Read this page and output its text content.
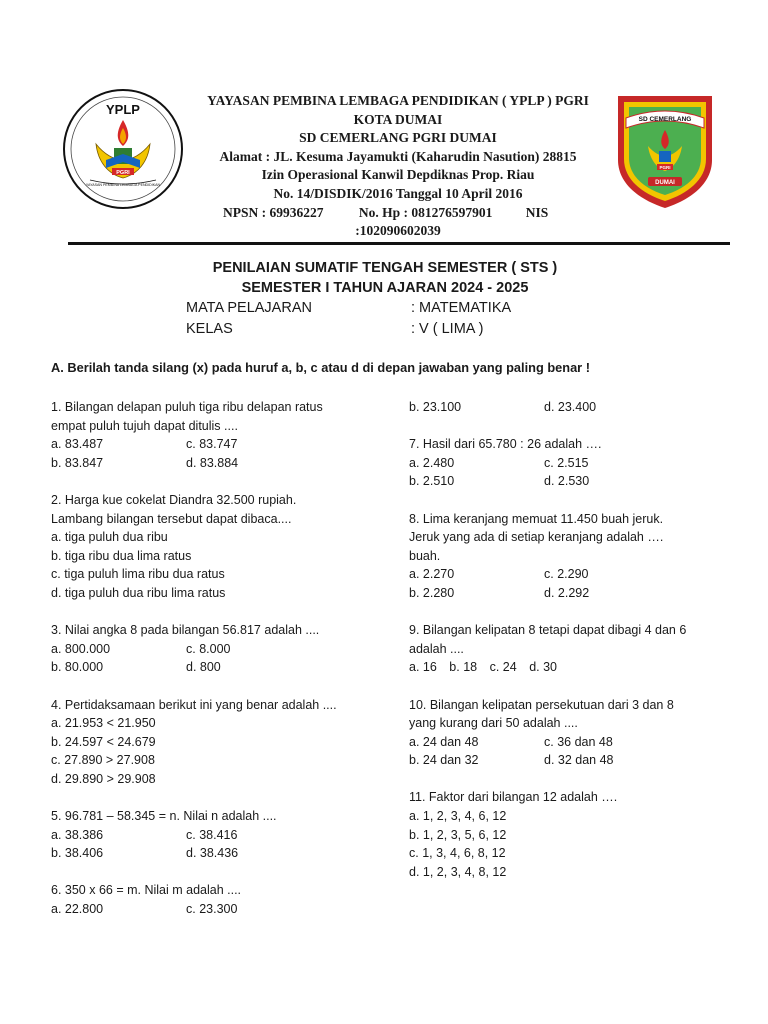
YPLP
PGRI
YAYASAN PEMBINA LEMBAGA PENDIDIKAN
SD CEMERLANG
PGRI
DUMAI
YAYASAN PEMBINA LEMBAGA PENDIDIKAN ( YPLP ) PGRI
KOTA DUMAI
SD CEMERLANG PGRI DUMAI
Alamat : JL. Kesuma Jayamukti (Kaharudin Nasution) 28815
Izin Operasional Kanwil Depdiknas Prop. Riau
No. 14/DISDIK/2016 Tanggal 10 April 2016
NPSN : 69936227	No. Hp : 081276597901 NIS
:102090602039
PENILAIAN SUMATIF TENGAH SEMESTER ( STS )
SEMESTER I TAHUN AJARAN 2024 - 2025
MATA PELAJARAN	: MATEMATIKA
KELAS	: V ( LIMA )
A. Berilah tanda silang (x) pada huruf a, b, c atau d di depan jawaban yang paling benar !

1. Bilangan delapan puluh tiga ribu delapan ratus

empat puluh tujuh dapat ditulis ....

a. 83.487	c. 83.747
b. 83.847	d. 83.884

2. Harga kue cokelat Diandra 32.500 rupiah.

Lambang bilangan tersebut dapat dibaca....

a. tiga puluh dua ribu

b. tiga ribu dua lima ratus

c. tiga puluh lima ribu dua ratus

d. tiga puluh dua ribu lima ratus

3. Nilai angka 8 pada bilangan 56.817 adalah ....

a. 800.000	c. 8.000
b. 80.000	d. 800

4. Pertidaksamaan berikut ini yang benar adalah ....

a. 21.953 < 21.950

b. 24.597 < 24.679

c. 27.890 > 27.908

d. 29.890 > 29.908

5. 96.781 – 58.345 = n. Nilai n adalah ....

a. 38.386	c. 38.416
b. 38.406	d. 38.436

6. 350 x 66 = m. Nilai m adalah ....

a. 22.800	c. 23.300
b. 23.100	d. 23.400

7. Hasil dari 65.780 : 26 adalah ….

a. 2.480	c. 2.515
b. 2.510	d. 2.530

8. Lima keranjang memuat 11.450 buah jeruk.

Jeruk yang ada di setiap keranjang adalah ….

buah.

a. 2.270	c. 2.290
b. 2.280	d. 2.292

9. Bilangan kelipatan 8 tetapi dapat dibagi 4 dan 6

adalah ....

a. 16 b. 18 c. 24 d. 30

10. Bilangan kelipatan persekutuan dari 3 dan 8

yang kurang dari 50 adalah ....

a. 24 dan 48	c. 36 dan 48
b. 24 dan 32	d. 32 dan 48

11. Faktor dari bilangan 12 adalah ….

a. 1, 2, 3, 4, 6, 12

b. 1, 2, 3, 5, 6, 12

c. 1, 3, 4, 6, 8, 12

d. 1, 2, 3, 4, 8, 12
